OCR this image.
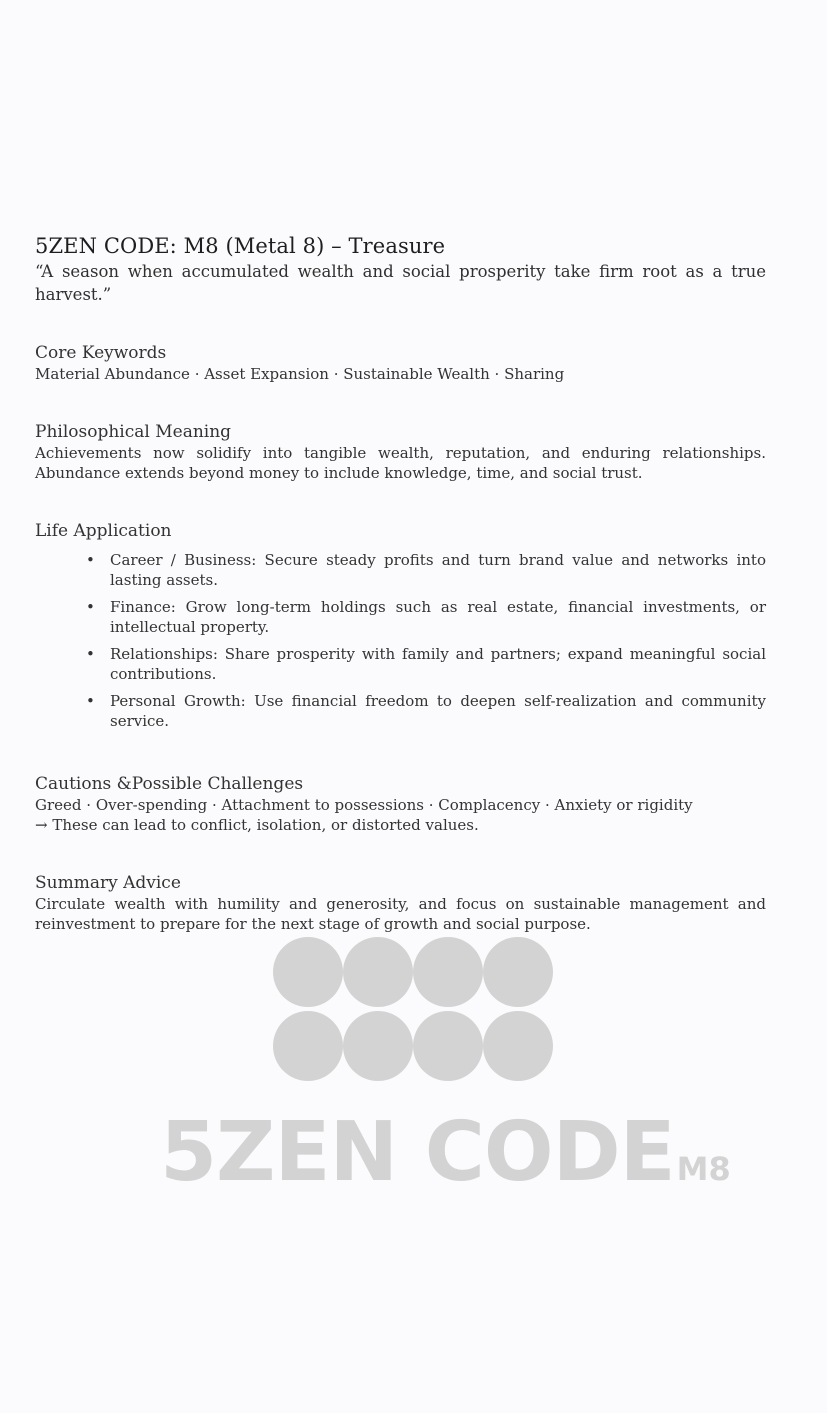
5ZEN CODE: M8 (Metal 8) – Treasure

“A season when accumulated wealth and social prosperity take firm root as a true harvest.”

Core Keywords

Material Abundance · Asset Expansion · Sustainable Wealth · Sharing

Philosophical Meaning

Achievements now solidify into tangible wealth, reputation, and enduring relationships. Abundance extends beyond money to include knowledge, time, and social trust.

Life Application
• Career / Business: Secure steady profits and turn brand value and networks into lasting assets.
• Finance: Grow long-term holdings such as real estate, financial investments, or intellectual property.
• Relationships: Share prosperity with family and partners; expand meaningful social contributions.
• Personal Growth: Use financial freedom to deepen self-realization and community service.
Cautions &Possible Challenges

Greed · Over-spending · Attachment to possessions · Complacency · Anxiety or rigidity

→ These can lead to conflict, isolation, or distorted values.

Summary Advice

Circulate wealth with humility and generosity, and focus on sustainable management and reinvestment to prepare for the next stage of growth and social purpose.

5ZEN CODEM8
